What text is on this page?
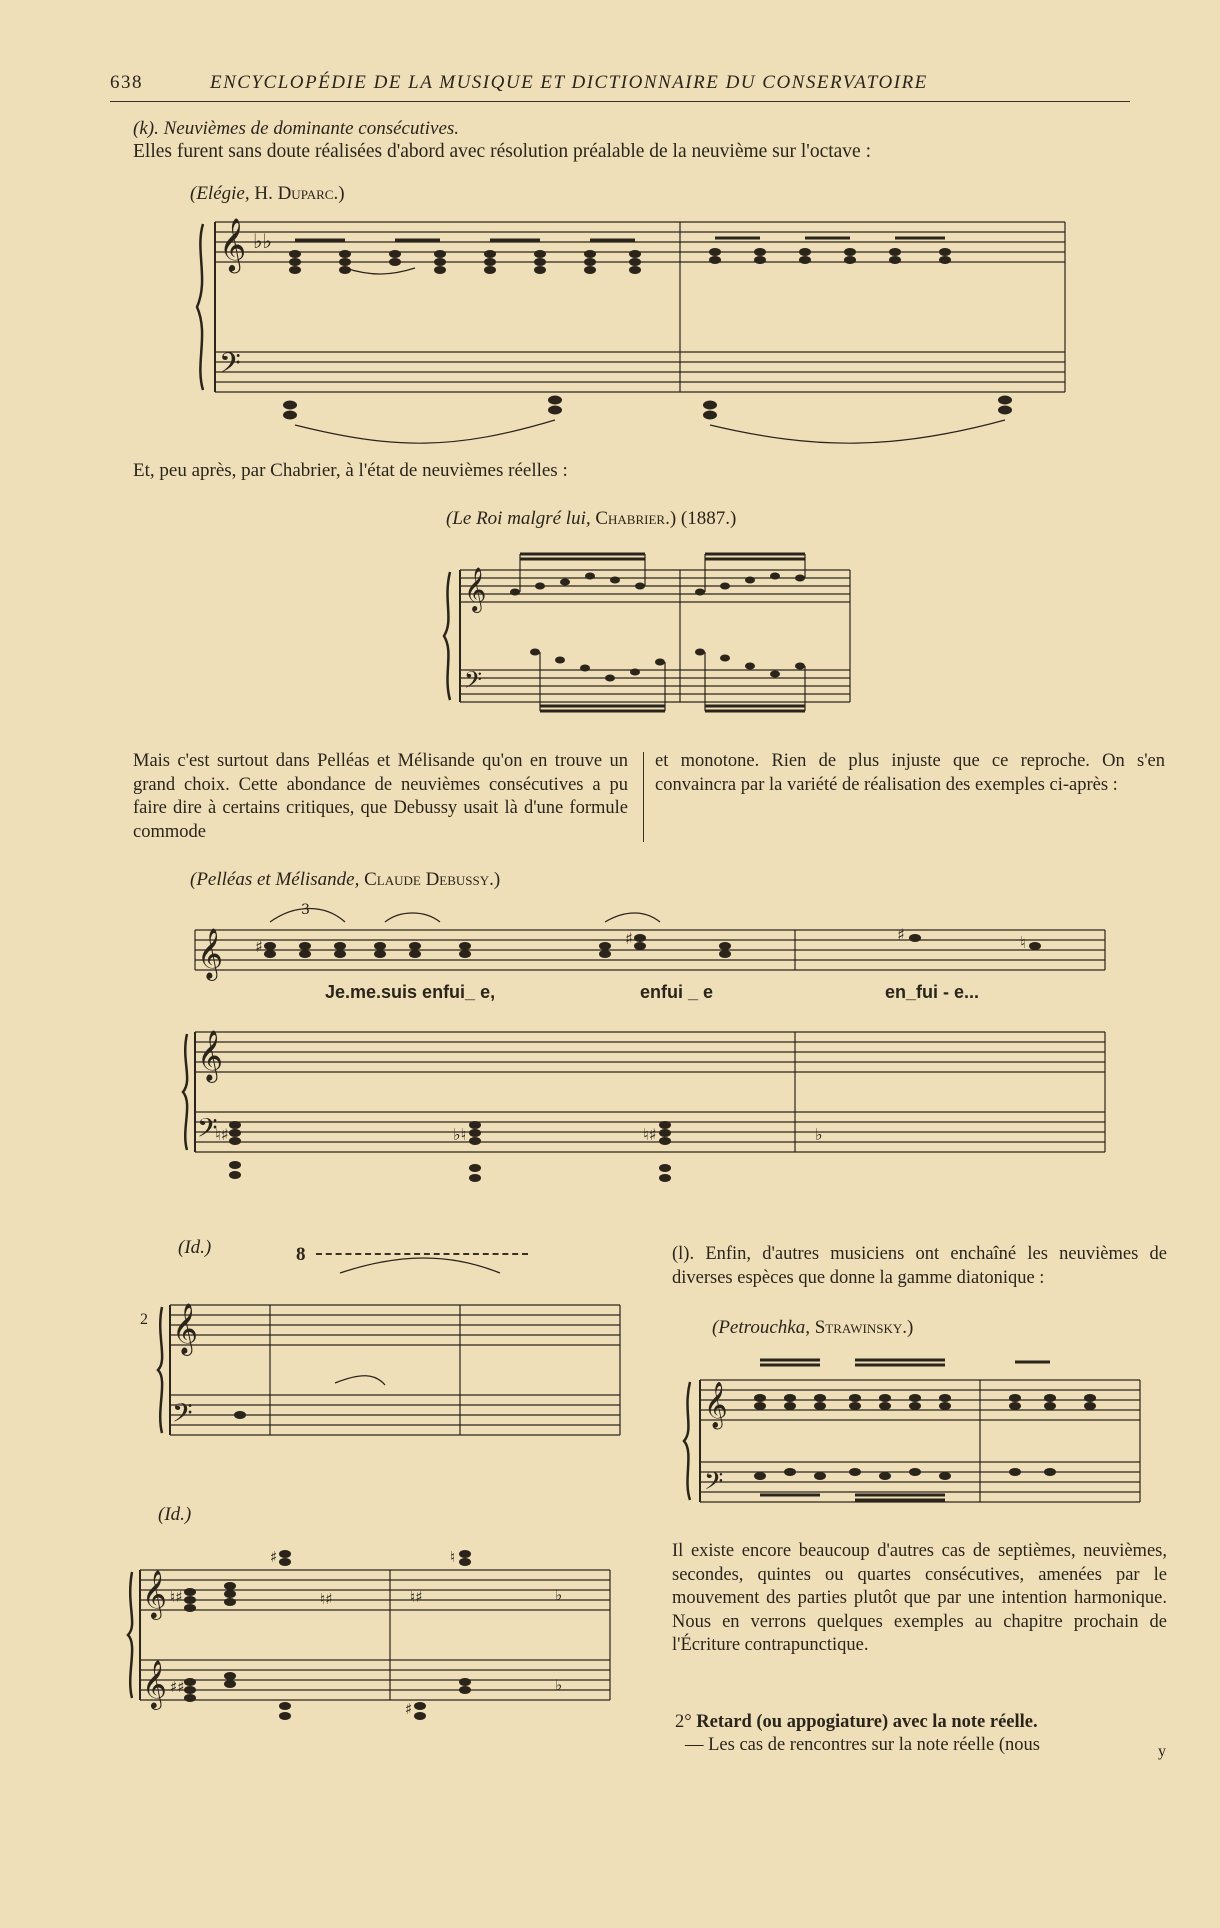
638	ENCYCLOPÉDIE DE LA MUSIQUE ET DICTIONNAIRE DU CONSERVATOIRE
(k). Neuvièmes de dominante consécutives.
Elles furent sans doute réalisées d'abord avec résolution préalable de la neuvième sur l'octave :
(Elégie, H. Duparc.)
𝄞
𝄢
♭♭
Et, peu après, par Chabrier, à l'état de neuvièmes réelles :
(Le Roi malgré lui, Chabrier.) (1887.)
𝄞
𝄢
Mais c'est surtout dans Pelléas et Mélisande qu'on en trouve un grand choix. Cette abondance de neuvièmes consécutives a pu faire dire à certains critiques, que Debussy usait là d'une formule commode
et monotone. Rien de plus injuste que ce reproche. On s'en convaincra par la variété de réalisation des exemples ci-après :
(Pelléas et Mélisande, Claude Debussy.)
𝄞
𝄞
𝄢
3
♯	♯	♯	♮
♮♯	♭♮	♮♯	♭
Je.me.suis enfui_ e,	enfui _ e	en_fui - e...
(Id.)	8
2 𝄞
𝄢
(l). Enfin, d'autres musiciens ont enchaîné les neuvièmes de diverses espèces que donne la gamme diatonique :
(Petrouchka, Strawinsky.)
𝄞
𝄢
(Id.)
𝄞
𝄞
♮♯
♯
♮♯
♮
♮♯	♭
♯♯
♯
♭
Il existe encore beaucoup d'autres cas de septièmes, neuvièmes, secondes, quintes ou quartes consécutives, amenées par le mouvement des parties plutôt que par une intention harmonique. Nous en verrons quelques exemples au chapitre prochain de l'Écriture contrapunctique.
2° Retard (ou appogiature) avec la note réelle.
— Les cas de rencontres sur la note réelle (nous	y
